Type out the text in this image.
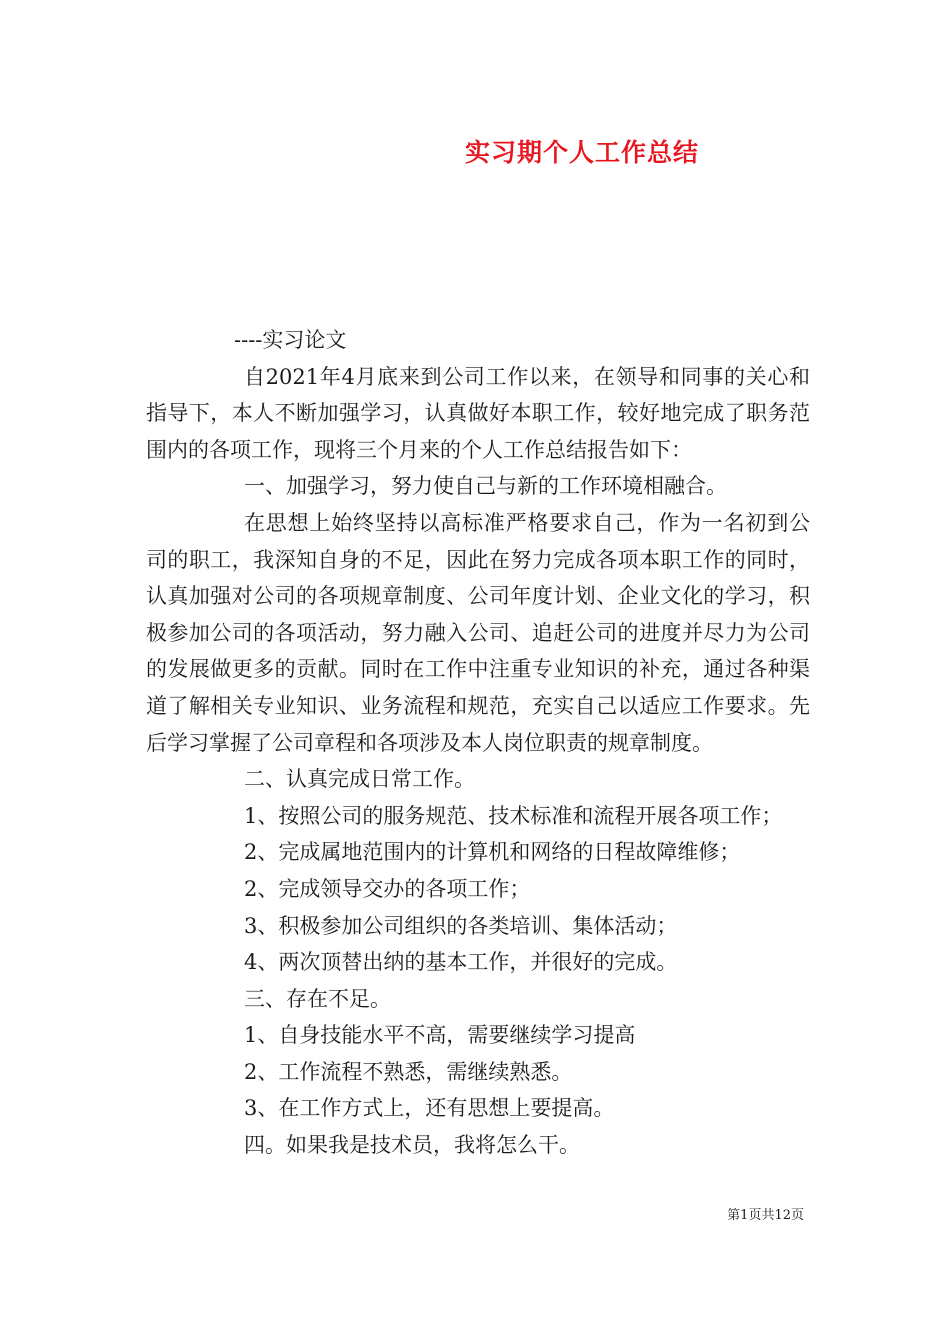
实习期个人工作总结

----实习论文

自2021年4月底来到公司工作以来，在领导和同事的关心和指导下，本人不断加强学习，认真做好本职工作，较好地完成了职务范围内的各项工作，现将三个月来的个人工作总结报告如下：

一、加强学习，努力使自己与新的工作环境相融合。

在思想上始终坚持以高标准严格要求自己，作为一名初到公司的职工，我深知自身的不足，因此在努力完成各项本职工作的同时，认真加强对公司的各项规章制度、公司年度计划、企业文化的学习，积极参加公司的各项活动，努力融入公司、追赶公司的进度并尽力为公司的发展做更多的贡献。同时在工作中注重专业知识的补充，通过各种渠道了解相关专业知识、业务流程和规范，充实自己以适应工作要求。先后学习掌握了公司章程和各项涉及本人岗位职责的规章制度。

二、认真完成日常工作。

1、按照公司的服务规范、技术标准和流程开展各项工作；

2、完成属地范围内的计算机和网络的日程故障维修；

2、完成领导交办的各项工作；

3、积极参加公司组织的各类培训、集体活动；

4、两次顶替出纳的基本工作，并很好的完成。

三、存在不足。

1、自身技能水平不高，需要继续学习提高

2、工作流程不熟悉，需继续熟悉。

3、在工作方式上，还有思想上要提高。

四。如果我是技术员，我将怎么干。

第1页共12页
